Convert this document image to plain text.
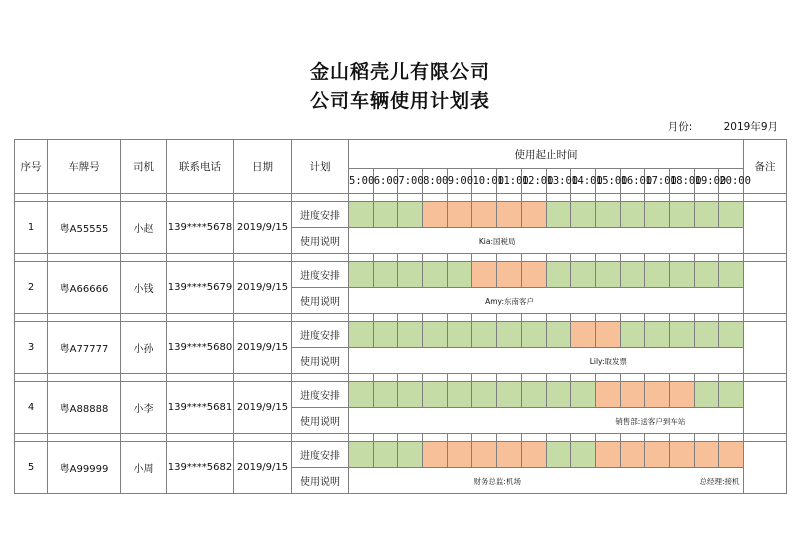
金山稻壳儿有限公司
公司车辆使用计划表
月份:	2019年9月
序号	车牌号	司机	联系电话	日期	计划	使用起止时间																备注
						5:00	6:00	7:00	8:00	9:00	10:00	11:00	12:00	13:00	14:00	15:00	16:00	17:00	18:00	19:00	20:00	

1	粤A55555	小赵	139****5678	2019/9/15	进度安排																	
					使用说明	Kia:国税局																

2	粤A66666	小钱	139****5679	2019/9/15	进度安排																	
					使用说明	Amy:东南客户																

3	粤A77777	小孙	139****5680	2019/9/15	进度安排																	
					使用说明	Lily:取发票																

4	粤A88888	小李	139****5681	2019/9/15	进度安排																	
					使用说明	销售部:送客户到车站																

5	粤A99999	小周	139****5682	2019/9/15	进度安排																	
					使用说明	财务总监:机场 总经理:接机																
